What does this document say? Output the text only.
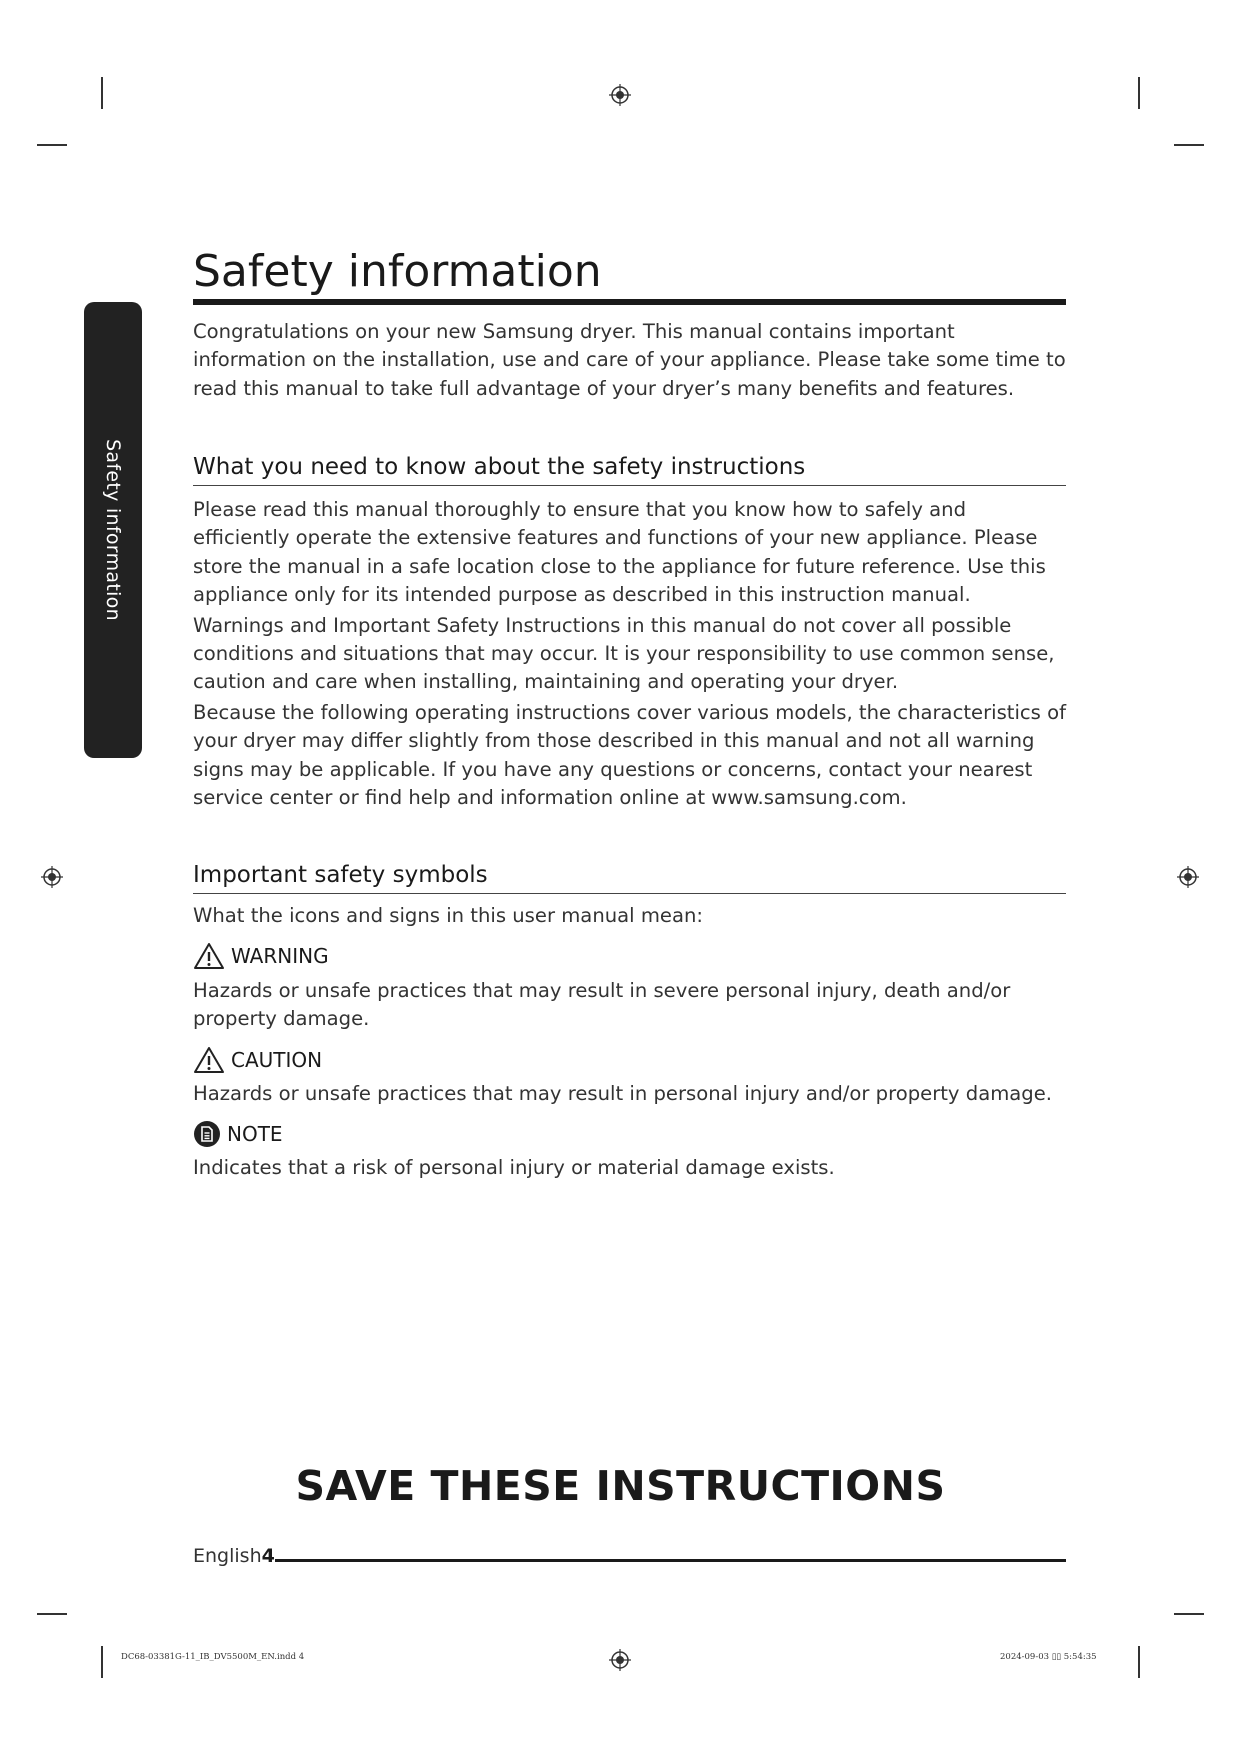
Safety information
Safety information

Congratulations on your new Samsung dryer. This manual contains important information on the installation, use and care of your appliance. Please take some time to read this manual to take full advantage of your dryer’s many benefits and features.

What you need to know about the safety instructions

Please read this manual thoroughly to ensure that you know how to safely and efficiently operate the extensive features and functions of your new appliance. Please store the manual in a safe location close to the appliance for future reference. Use this appliance only for its intended purpose as described in this instruction manual.

Warnings and Important Safety Instructions in this manual do not cover all possible conditions and situations that may occur. It is your responsibility to use common sense, caution and care when installing, maintaining and operating your dryer.

Because the following operating instructions cover various models, the characteristics of your dryer may differ slightly from those described in this manual and not all warning signs may be applicable. If you have any questions or concerns, contact your nearest service center or find help and information online at www.samsung.com.

Important safety symbols

What the icons and signs in this user manual mean:

WARNING

Hazards or unsafe practices that may result in severe personal injury, death and/or property damage.

CAUTION

Hazards or unsafe practices that may result in personal injury and/or property damage.

NOTE

Indicates that a risk of personal injury or material damage exists.

SAVE THESE INSTRUCTIONS
English4
DC68-03381G-11_IB_DV5500M_EN.indd 4	2024-09-03 ▯▯ 5:54:35
